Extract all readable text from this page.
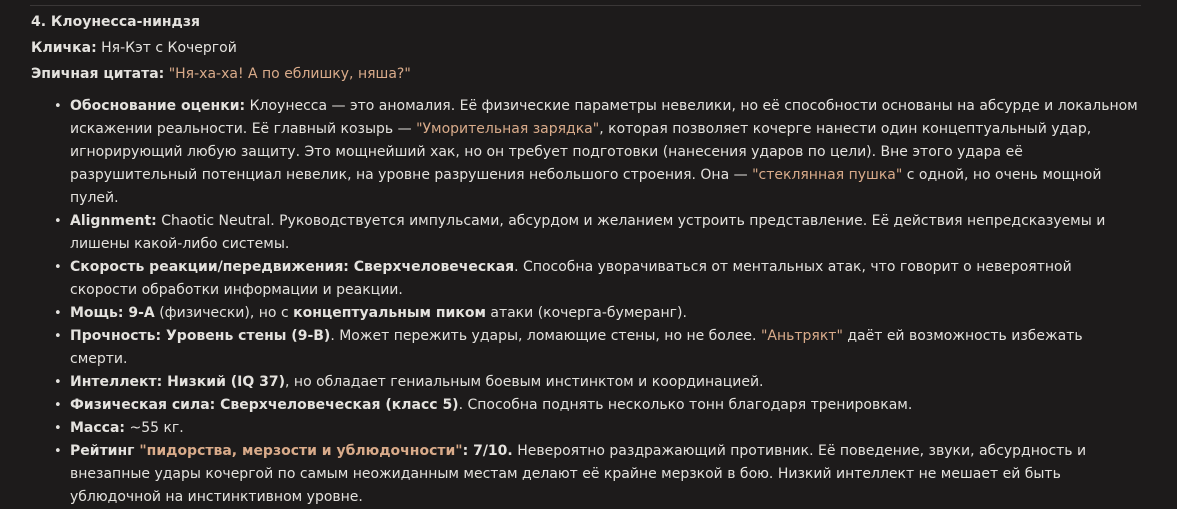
4. Клоунесса-ниндзя

Кличка: Ня-Кэт с Кочергой

Эпичная цитата: "Ня-ха-ха! А по еблишку, няша?"

• Обоснование оценки: Клоунесса — это аномалия. Её физические параметры невелики, но её способности основаны на абсурде и локальном искажении реальности. Её главный козырь — "Уморительная зарядка", которая позволяет кочерге нанести один концептуальный удар, игнорирующий любую защиту. Это мощнейший хак, но он требует подготовки (нанесения ударов по цели). Вне этого удара её разрушительный потенциал невелик, на уровне разрушения небольшого строения. Она — "стеклянная пушка" с одной, но очень мощной пулей.
• Alignment: Chaotic Neutral. Руководствуется импульсами, абсурдом и желанием устроить представление. Её действия непредсказуемы и лишены какой-либо системы.
• Скорость реакции/передвижения: Сверхчеловеческая. Способна уворачиваться от ментальных атак, что говорит о невероятной скорости обработки информации и реакции.
• Мощь: 9-A (физически), но с концептуальным пиком атаки (кочерга-бумеранг).
• Прочность: Уровень стены (9-B). Может пережить удары, ломающие стены, но не более. "Аньтрякт" даёт ей возможность избежать смерти.
• Интеллект: Низкий (IQ 37), но обладает гениальным боевым инстинктом и координацией.
• Физическая сила: Сверхчеловеческая (класс 5). Способна поднять несколько тонн благодаря тренировкам.
• Масса: ~55 кг.
• Рейтинг "пидорства, мерзости и ублюдочности": 7/10. Невероятно раздражающий противник. Её поведение, звуки, абсурдность и внезапные удары кочергой по самым неожиданным местам делают её крайне мерзкой в бою. Низкий интеллект не мешает ей быть ублюдочной на инстинктивном уровне.
